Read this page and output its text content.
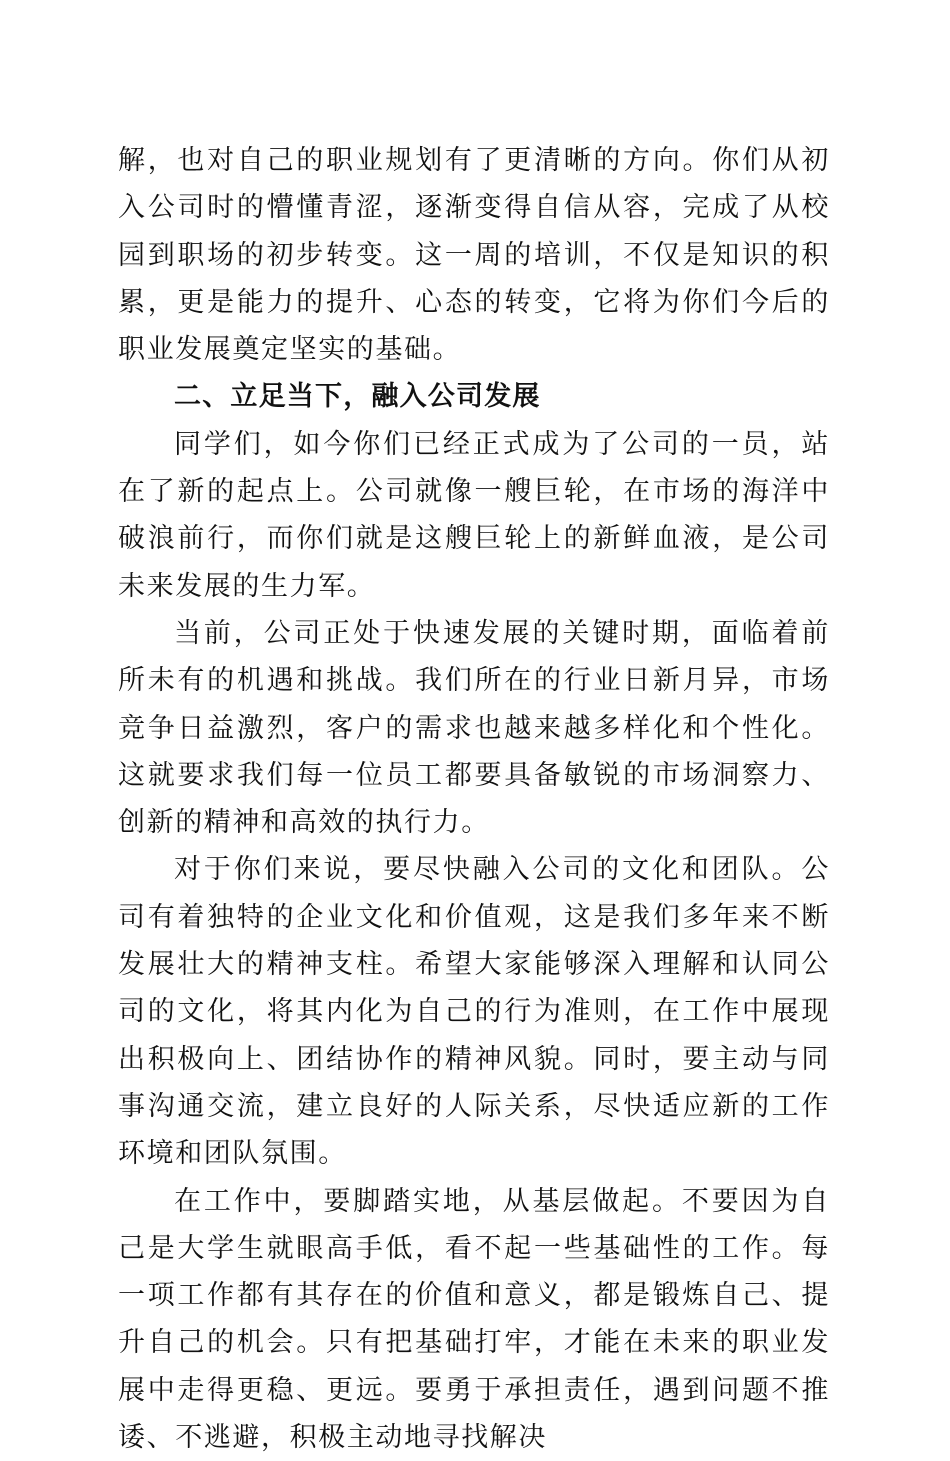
解，也对自己的职业规划有了更清晰的方向。你们从初入公司时的懵懂青涩，逐渐变得自信从容，完成了从校园到职场的初步转变。这一周的培训，不仅是知识的积累，更是能力的提升、心态的转变，它将为你们今后的职业发展奠定坚实的基础。

二、立足当下，融入公司发展

同学们，如今你们已经正式成为了公司的一员，站在了新的起点上。公司就像一艘巨轮，在市场的海洋中破浪前行，而你们就是这艘巨轮上的新鲜血液，是公司未来发展的生力军。

当前，公司正处于快速发展的关键时期，面临着前所未有的机遇和挑战。我们所在的行业日新月异，市场竞争日益激烈，客户的需求也越来越多样化和个性化。这就要求我们每一位员工都要具备敏锐的市场洞察力、创新的精神和高效的执行力。

对于你们来说，要尽快融入公司的文化和团队。公司有着独特的企业文化和价值观，这是我们多年来不断发展壮大的精神支柱。希望大家能够深入理解和认同公司的文化，将其内化为自己的行为准则，在工作中展现出积极向上、团结协作的精神风貌。同时，要主动与同事沟通交流，建立良好的人际关系，尽快适应新的工作环境和团队氛围。

在工作中，要脚踏实地，从基层做起。不要因为自己是大学生就眼高手低，看不起一些基础性的工作。每一项工作都有其存在的价值和意义，都是锻炼自己、提升自己的机会。只有把基础打牢，才能在未来的职业发展中走得更稳、更远。要勇于承担责任，遇到问题不推诿、不逃避，积极主动地寻找解决
